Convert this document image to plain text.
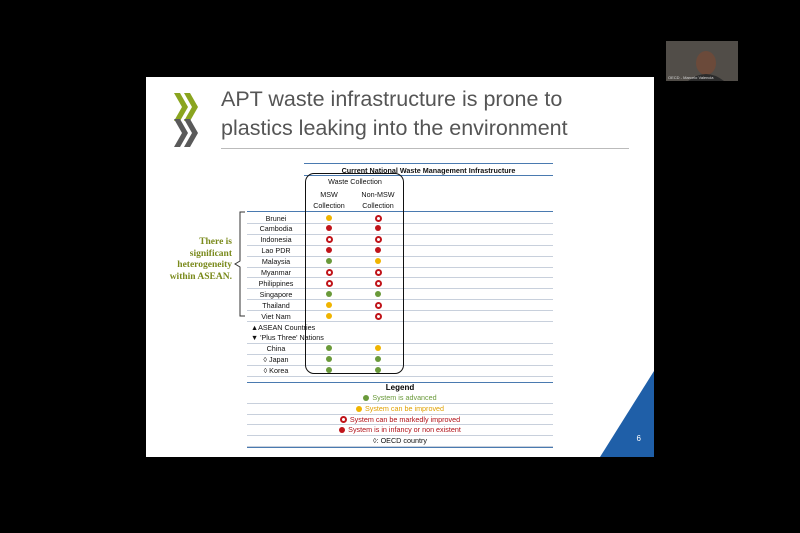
OECD - Marcelo Valencia
APT waste infrastructure is prone to
plastics leaking into the environment
There is significant heterogeneity within ASEAN.
Current National Waste Management Infrastructure
Waste Collection
MSW Collection
Non-MSW Collection
Brunei
Cambodia
Indonesia
Lao PDR
Malaysia
Myanmar
Philippines
Singapore
Thailand
Viet Nam
▲ASEAN Countries
▼ 'Plus Three' Nations
China
◊ Japan
◊ Korea
Legend
System is advanced
System can be improved
System can be markedly improved
System is in infancy or non existent
◊: OECD country	6
